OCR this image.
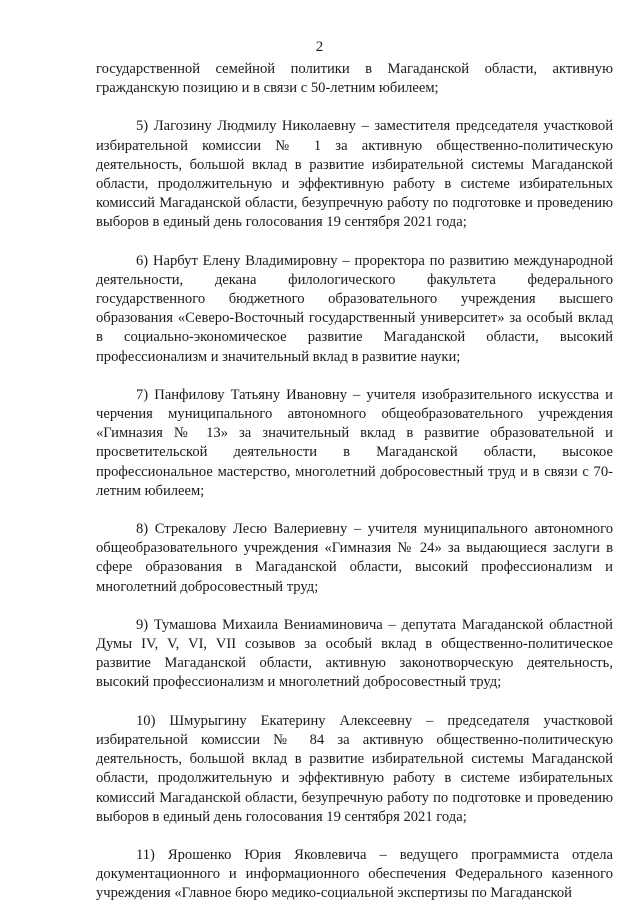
2

государственной семейной политики в Магаданской области, активную гражданскую позицию и в связи с 50-летним юбилеем;

5) Лагозину Людмилу Николаевну – заместителя председателя участковой избирательной комиссии № 1 за активную общественно-политическую деятельность, большой вклад в развитие избирательной системы Магаданской области, продолжительную и эффективную работу в системе избирательных комиссий Магаданской области, безупречную работу по подготовке и проведению выборов в единый день голосования 19 сентября 2021 года;

6) Нарбут Елену Владимировну – проректора по развитию международной деятельности, декана филологического факультета федерального государственного бюджетного образовательного учреждения высшего образования «Северо-Восточный государственный университет» за особый вклад в социально-экономическое развитие Магаданской области, высокий профессионализм и значительный вклад в развитие науки;

7) Панфилову Татьяну Ивановну – учителя изобразительного искусства и черчения муниципального автономного общеобразовательного учреждения «Гимназия № 13» за значительный вклад в развитие образовательной и просветительской деятельности в Магаданской области, высокое профессиональное мастерство, многолетний добросовестный труд и в связи с 70-летним юбилеем;

8) Стрекалову Лесю Валериевну – учителя муниципального автономного общеобразовательного учреждения «Гимназия № 24» за выдающиеся заслуги в сфере образования в Магаданской области, высокий профессионализм и многолетний добросовестный труд;

9) Тумашова Михаила Вениаминовича – депутата Магаданской областной Думы IV, V, VI, VII созывов за особый вклад в общественно-политическое развитие Магаданской области, активную законотворческую деятельность, высокий профессионализм и многолетний добросовестный труд;

10) Шмурыгину Екатерину Алексеевну – председателя участковой избирательной комиссии № 84 за активную общественно-политическую деятельность, большой вклад в развитие избирательной системы Магаданской области, продолжительную и эффективную работу в системе избирательных комиссий Магаданской области, безупречную работу по подготовке и проведению выборов в единый день голосования 19 сентября 2021 года;

11) Ярошенко Юрия Яковлевича – ведущего программиста отдела документационного и информационного обеспечения Федерального казенного учреждения «Главное бюро медико-социальной экспертизы по Магаданской
